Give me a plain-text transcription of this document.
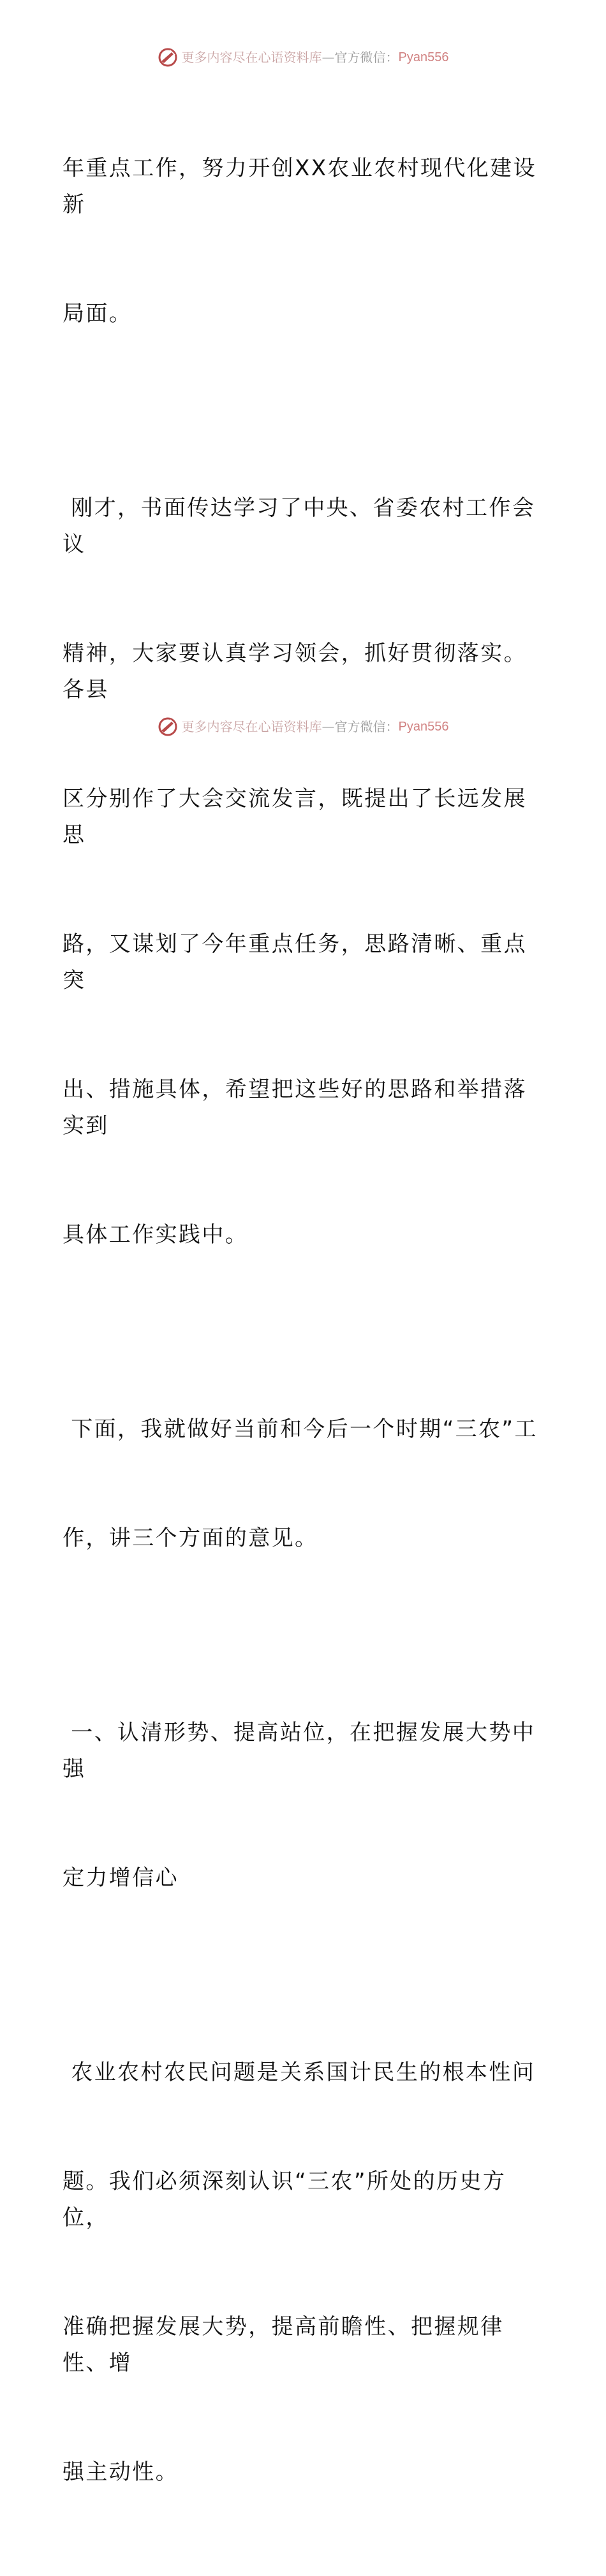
更多内容尽在心语资料库 — 官方微信： Pyan556

年重点工作，努力开创XX农业农村现代化建设新

局面。

刚才，书面传达学习了中央、省委农村工作会议

精神，大家要认真学习领会，抓好贯彻落实。各县

区分别作了大会交流发言，既提出了长远发展思

路，又谋划了今年重点任务，思路清晰、重点突

出、措施具体，希望把这些好的思路和举措落实到

具体工作实践中。

下面，我就做好当前和今后一个时期“三农”工

作，讲三个方面的意见。

一、认清形势、提高站位，在把握发展大势中强

定力增信心

农业农村农民问题是关系国计民生的根本性问

题。我们必须深刻认识“三农”所处的历史方位，

准确把握发展大势，提高前瞻性、把握规律性、增

强主动性。

更多内容尽在心语资料库 — 官方微信： Pyan556
